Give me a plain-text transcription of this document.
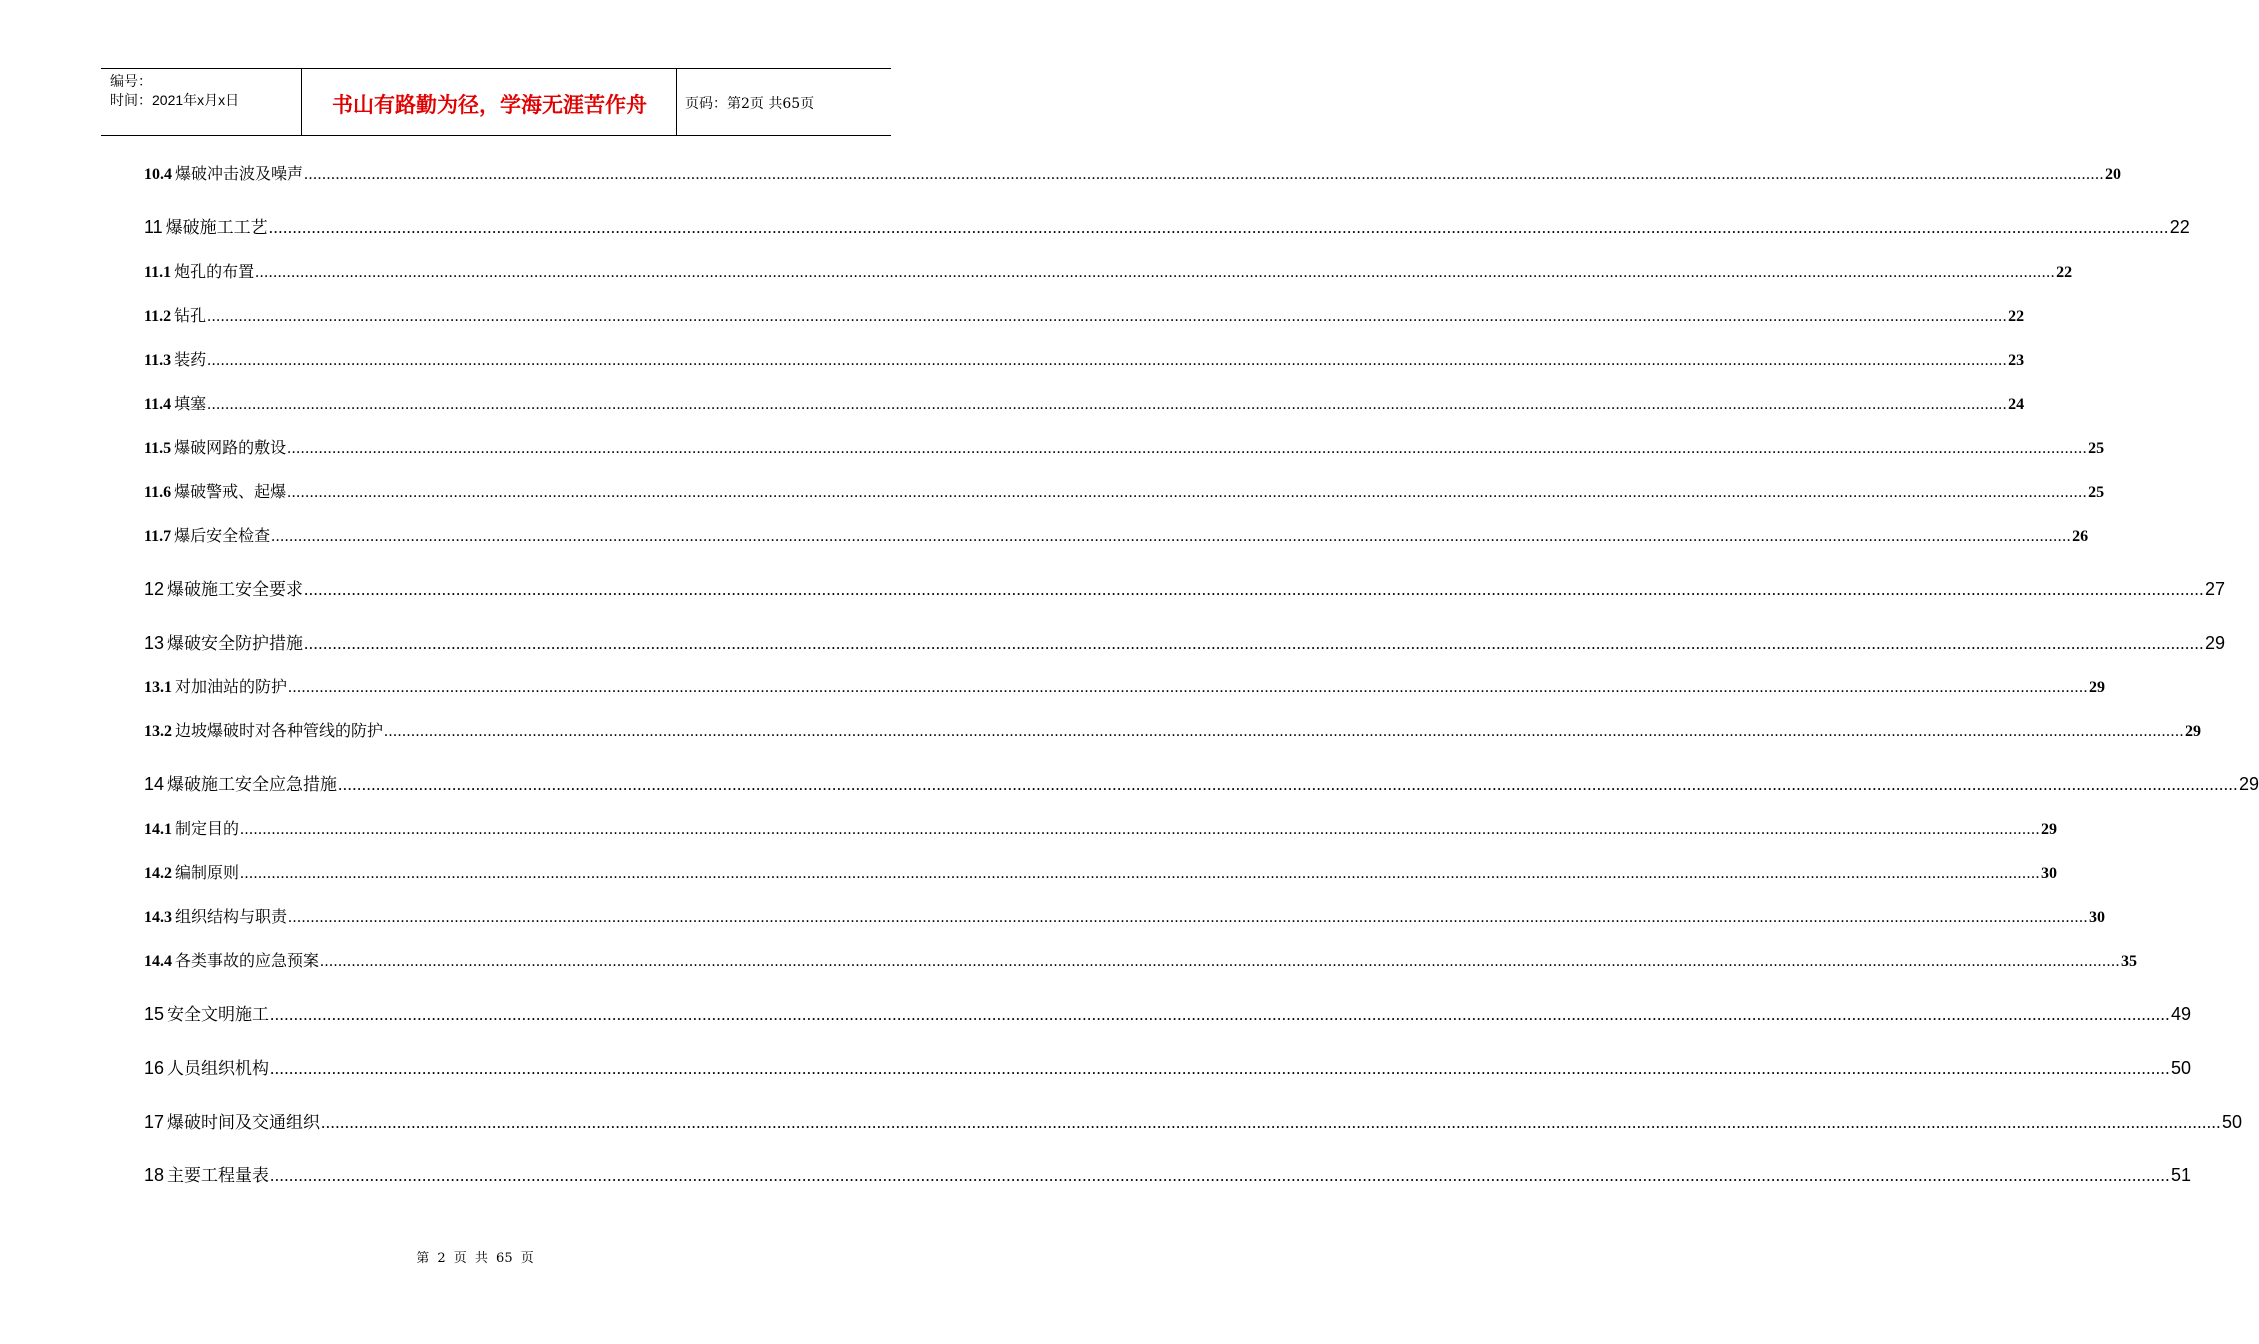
编号：
时间：2021年x月x日	书山有路勤为径，学海无涯苦作舟	页码：第2页 共65页
10.4 爆破冲击波及噪声 ................................................................................................................................................................................................................................................................................................................................................................................................................ 20
11 爆破施工工艺 ................................................................................................................................................................................................................................................................................................................................................................................................................ 22
11.1 炮孔的布置 ................................................................................................................................................................................................................................................................................................................................................................................................................ 22
11.2 钻孔 ................................................................................................................................................................................................................................................................................................................................................................................................................ 22
11.3 装药 ................................................................................................................................................................................................................................................................................................................................................................................................................ 23
11.4 填塞 ................................................................................................................................................................................................................................................................................................................................................................................................................ 24
11.5 爆破网路的敷设 ................................................................................................................................................................................................................................................................................................................................................................................................................ 25
11.6 爆破警戒、起爆 ................................................................................................................................................................................................................................................................................................................................................................................................................ 25
11.7 爆后安全检查 ................................................................................................................................................................................................................................................................................................................................................................................................................ 26
12 爆破施工安全要求 ................................................................................................................................................................................................................................................................................................................................................................................................................ 27
13 爆破安全防护措施 ................................................................................................................................................................................................................................................................................................................................................................................................................ 29
13.1 对加油站的防护 ................................................................................................................................................................................................................................................................................................................................................................................................................ 29
13.2 边坡爆破时对各种管线的防护 ................................................................................................................................................................................................................................................................................................................................................................................................................ 29
14 爆破施工安全应急措施 ................................................................................................................................................................................................................................................................................................................................................................................................................ 29
14.1 制定目的 ................................................................................................................................................................................................................................................................................................................................................................................................................ 29
14.2 编制原则 ................................................................................................................................................................................................................................................................................................................................................................................................................ 30
14.3 组织结构与职责 ................................................................................................................................................................................................................................................................................................................................................................................................................ 30
14.4 各类事故的应急预案 ................................................................................................................................................................................................................................................................................................................................................................................................................ 35
15 安全文明施工 ................................................................................................................................................................................................................................................................................................................................................................................................................ 49
16 人员组织机构 ................................................................................................................................................................................................................................................................................................................................................................................................................ 50
17 爆破时间及交通组织 ................................................................................................................................................................................................................................................................................................................................................................................................................ 50
18 主要工程量表 ................................................................................................................................................................................................................................................................................................................................................................................................................ 51
第 2 页 共 65 页
